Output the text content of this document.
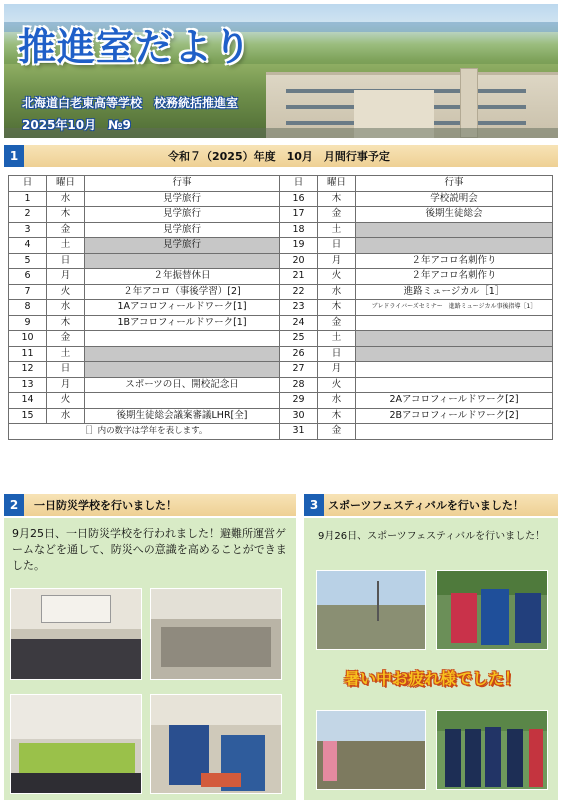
推進室だより
北海道白老東高等学校　校務統括推進室
2025年10月　№9
1	令和７（2025）年度　10月　月間行事予定
日	曜日	行事	日	曜日	行事
1	水	見学旅行	16	木	学校説明会
2	木	見学旅行	17	金	後期生徒総会
3	金	見学旅行	18	土	
4	土	見学旅行	19	日	
5	日		20	月	２年アコロ名刺作り
6	月	２年振替休日	21	火	２年アコロ名刺作り
7	火	２年アコロ（事後学習）[2]	22	水	進路ミュージカル［1］
8	水	1Aアコロフィールドワーク[1]	23	木	ブレドライバーズセミナー　進路ミュージカル事後指導［1］
9	木	1Bアコロフィールドワーク[1]	24	金	
10	金		25	土	
11	土		26	日	
12	日		27	月	
13	月	スポーツの日、開校記念日	28	火	
14	火		29	水	2Aアコロフィールドワーク[2]
15	水	後期生徒総会議案審議LHR[全]	30	木	2Bアコロフィールドワーク[2]
［］内の数字は学年を表します。			31	金	
2	一日防災学校を行いました！
9月25日、一日防災学校を行われました！避難所運営ゲームなどを通して、防災への意識を高めることができました。
3 スポーツフェスティバルを行いました！
9月26日、スポーツフェスティバルを行いました！
暑い中お疲れ様でした！
